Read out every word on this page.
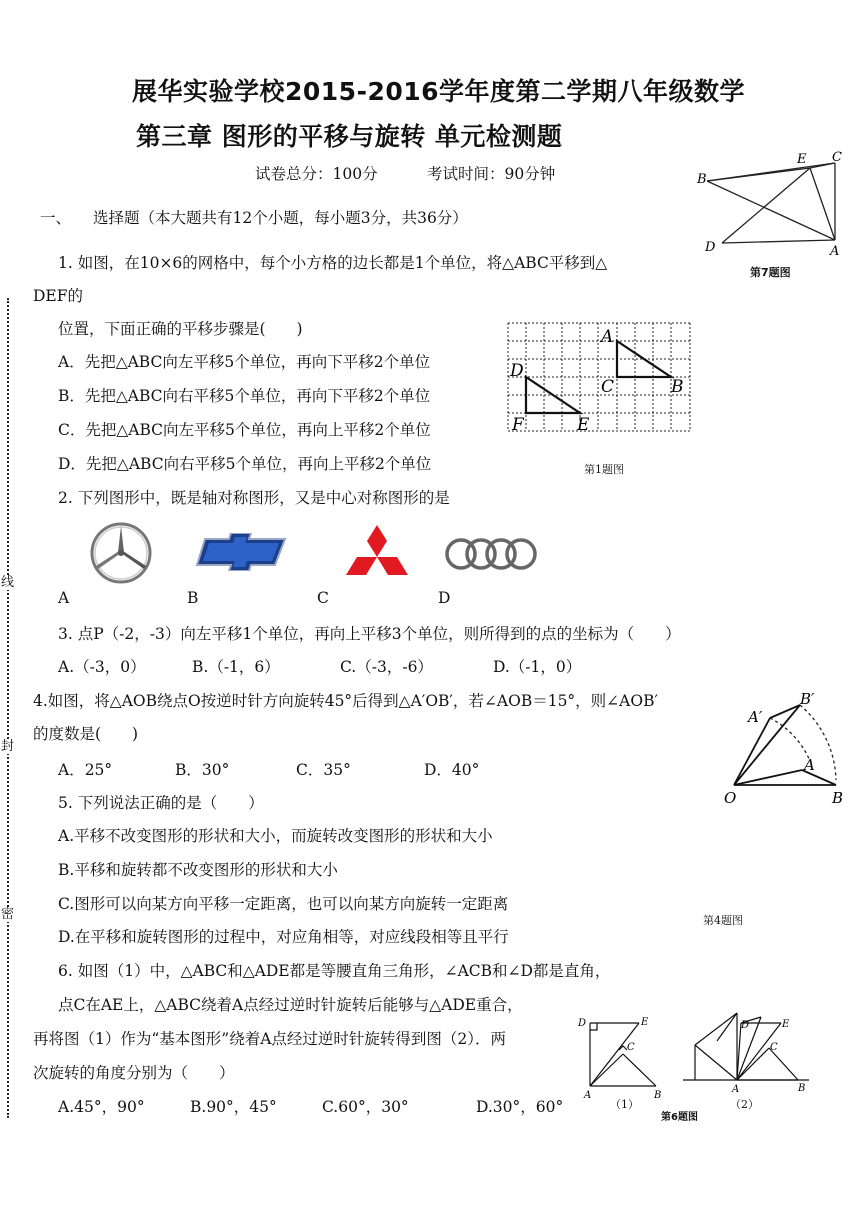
线
封
密
展华实验学校2015-2016学年度第二学期八年级数学
第三章 图形的平移与旋转 单元检测题
试卷总分：100分	考试时间：90分钟
一、 选择题（本大题共有12个小题，每小题3分，共36分）
B
E C
D	A
第7题图
1. 如图，在10×6的网格中，每个小方格的边长都是1个单位，将△ABC平移到△
DEF的
位置，下面正确的平移步骤是(　　)
A．先把△ABC向左平移5个单位，再向下平移2个单位
B．先把△ABC向右平移5个单位，再向下平移2个单位
C．先把△ABC向左平移5个单位，再向上平移2个单位
D．先把△ABC向右平移5个单位，再向上平移2个单位
A
B
C
D
E
F
第1题图
2. 下列图形中，既是轴对称图形，又是中心对称图形的是
A	B	C	D
3. 点P（-2，-3）向左平移1个单位，再向上平移3个单位，则所得到的点的坐标为（　　）
A.（-3，0）	B.（-1，6）	C.（-3，-6）	D.（-1，0）
4.如图，将△AOB绕点O按逆时针方向旋转45°后得到△A′OB′，若∠AOB＝15°，则∠AOB′
的度数是(　　)
A．25°	B．30°	C．35°	D．40°
A′
B′
A
O	B
5. 下列说法正确的是（　　）
A.平移不改变图形的形状和大小，而旋转改变图形的形状和大小
B.平移和旋转都不改变图形的形状和大小
C.图形可以向某方向平移一定距离，也可以向某方向旋转一定距离
D.在平移和旋转图形的过程中，对应角相等，对应线段相等且平行
第4题图
6. 如图（1）中，△ABC和△ADE都是等腰直角三角形，∠ACB和∠D都是直角，
点C在AE上，△ABC绕着A点经过逆时针旋转后能够与△ADE重合，
再将图（1）作为“基本图形”绕着A点经过逆时针旋转得到图（2）．两
次旋转的角度分别为（　　）
A.45°，90°	B.90°，45°	C.60°，30°	D.30°，60°
D	E
C
A	B
D	E
C
A	B
（1）	（2）
第6题图
